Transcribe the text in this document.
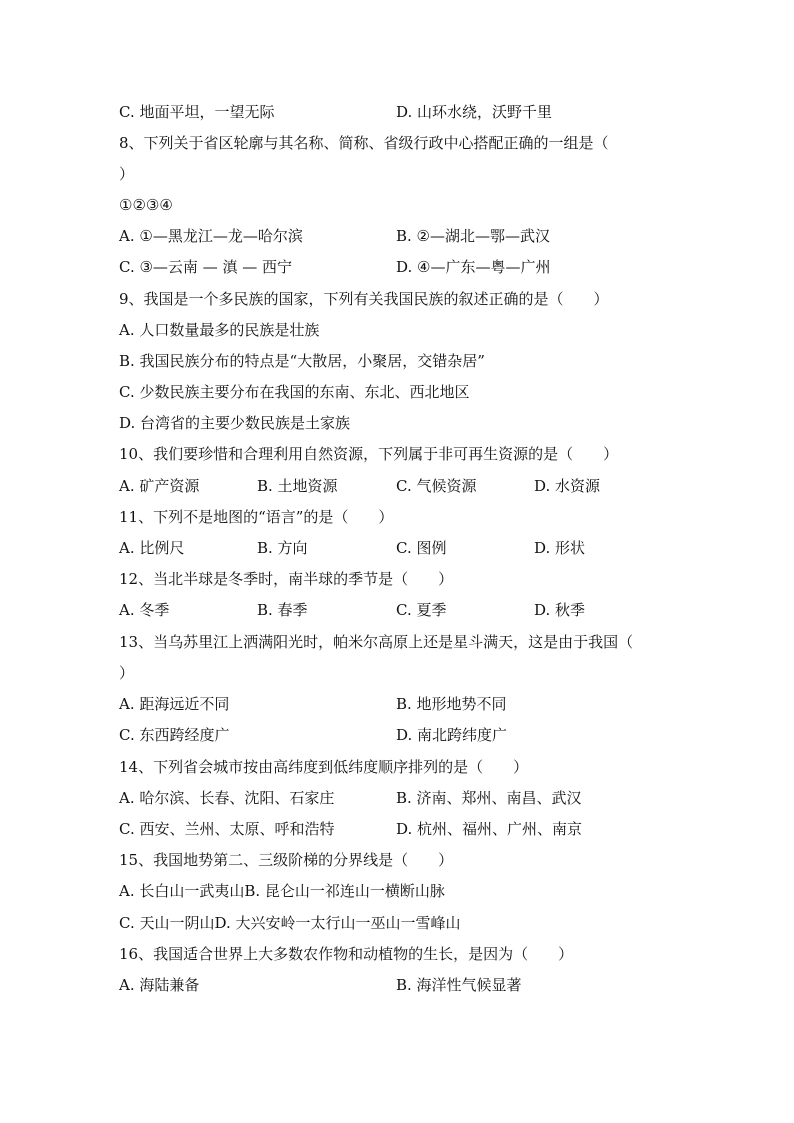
C. 地面平坦，一望无际	D. 山环水绕，沃野千里
8、下列关于省区轮廓与其名称、简称、省级行政中心搭配正确的一组是（
）
①②③④
A. ①—黑龙江—龙—哈尔滨	B. ②—湖北—鄂—武汉
C. ③—云南 — 滇 — 西宁	D. ④—广东—粤—广州
9、我国是一个多民族的国家，下列有关我国民族的叙述正确的是（　　）
A. 人口数量最多的民族是壮族
B. 我国民族分布的特点是“大散居，小聚居，交错杂居”
C. 少数民族主要分布在我国的东南、东北、西北地区
D. 台湾省的主要少数民族是土家族
10、我们要珍惜和合理利用自然资源，下列属于非可再生资源的是（　　）
A. 矿产资源	B. 土地资源	C. 气候资源	D. 水资源
11、下列不是地图的“语言”的是（　　）
A. 比例尺	B. 方向	C. 图例	D. 形状
12、当北半球是冬季时，南半球的季节是（　　）
A. 冬季	B. 春季	C. 夏季	D. 秋季
13、当乌苏里江上洒满阳光时，帕米尔高原上还是星斗满天，这是由于我国（
）
A. 距海远近不同	B. 地形地势不同
C. 东西跨经度广	D. 南北跨纬度广
14、下列省会城市按由高纬度到低纬度顺序排列的是（　　）
A. 哈尔滨、长春、沈阳、石家庄	B. 济南、郑州、南昌、武汉
C. 西安、兰州、太原、呼和浩特	D. 杭州、福州、广州、南京
15、我国地势第二、三级阶梯的分界线是（　　）
A. 长白山一武夷山B. 昆仑山一祁连山一横断山脉
C. 天山一阴山D. 大兴安岭一太行山一巫山一雪峰山
16、我国适合世界上大多数农作物和动植物的生长，是因为（　　）
A. 海陆兼备	B. 海洋性气候显著
